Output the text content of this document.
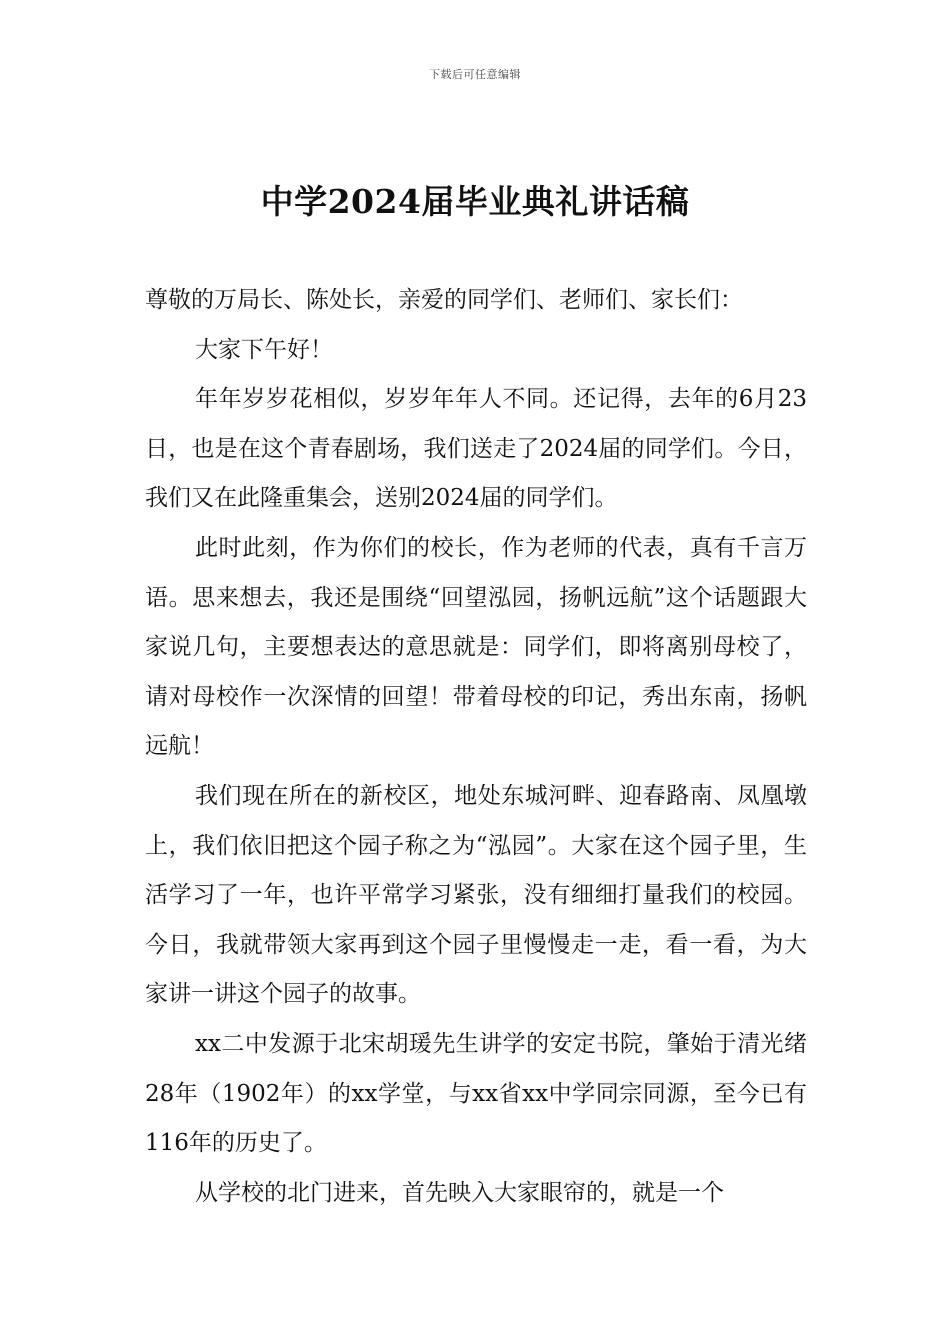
下载后可任意编辑
中学2024届毕业典礼讲话稿

尊敬的万局长、陈处长，亲爱的同学们、老师们、家长们：

大家下午好！

年年岁岁花相似，岁岁年年人不同。还记得，去年的6月23日，也是在这个青春剧场，我们送走了2024届的同学们。今日，我们又在此隆重集会，送别2024届的同学们。

此时此刻，作为你们的校长，作为老师的代表，真有千言万语。思来想去，我还是围绕“回望泓园，扬帆远航”这个话题跟大家说几句，主要想表达的意思就是：同学们，即将离别母校了，请对母校作一次深情的回望！带着母校的印记，秀出东南，扬帆远航！

我们现在所在的新校区，地处东城河畔、迎春路南、凤凰墩上，我们依旧把这个园子称之为“泓园”。大家在这个园子里，生活学习了一年，也许平常学习紧张，没有细细打量我们的校园。今日，我就带领大家再到这个园子里慢慢走一走，看一看，为大家讲一讲这个园子的故事。

xx二中发源于北宋胡瑗先生讲学的安定书院，肇始于清光绪28年（1902年）的xx学堂，与xx省xx中学同宗同源，至今已有116年的历史了。

从学校的北门进来，首先映入大家眼帘的，就是一个
